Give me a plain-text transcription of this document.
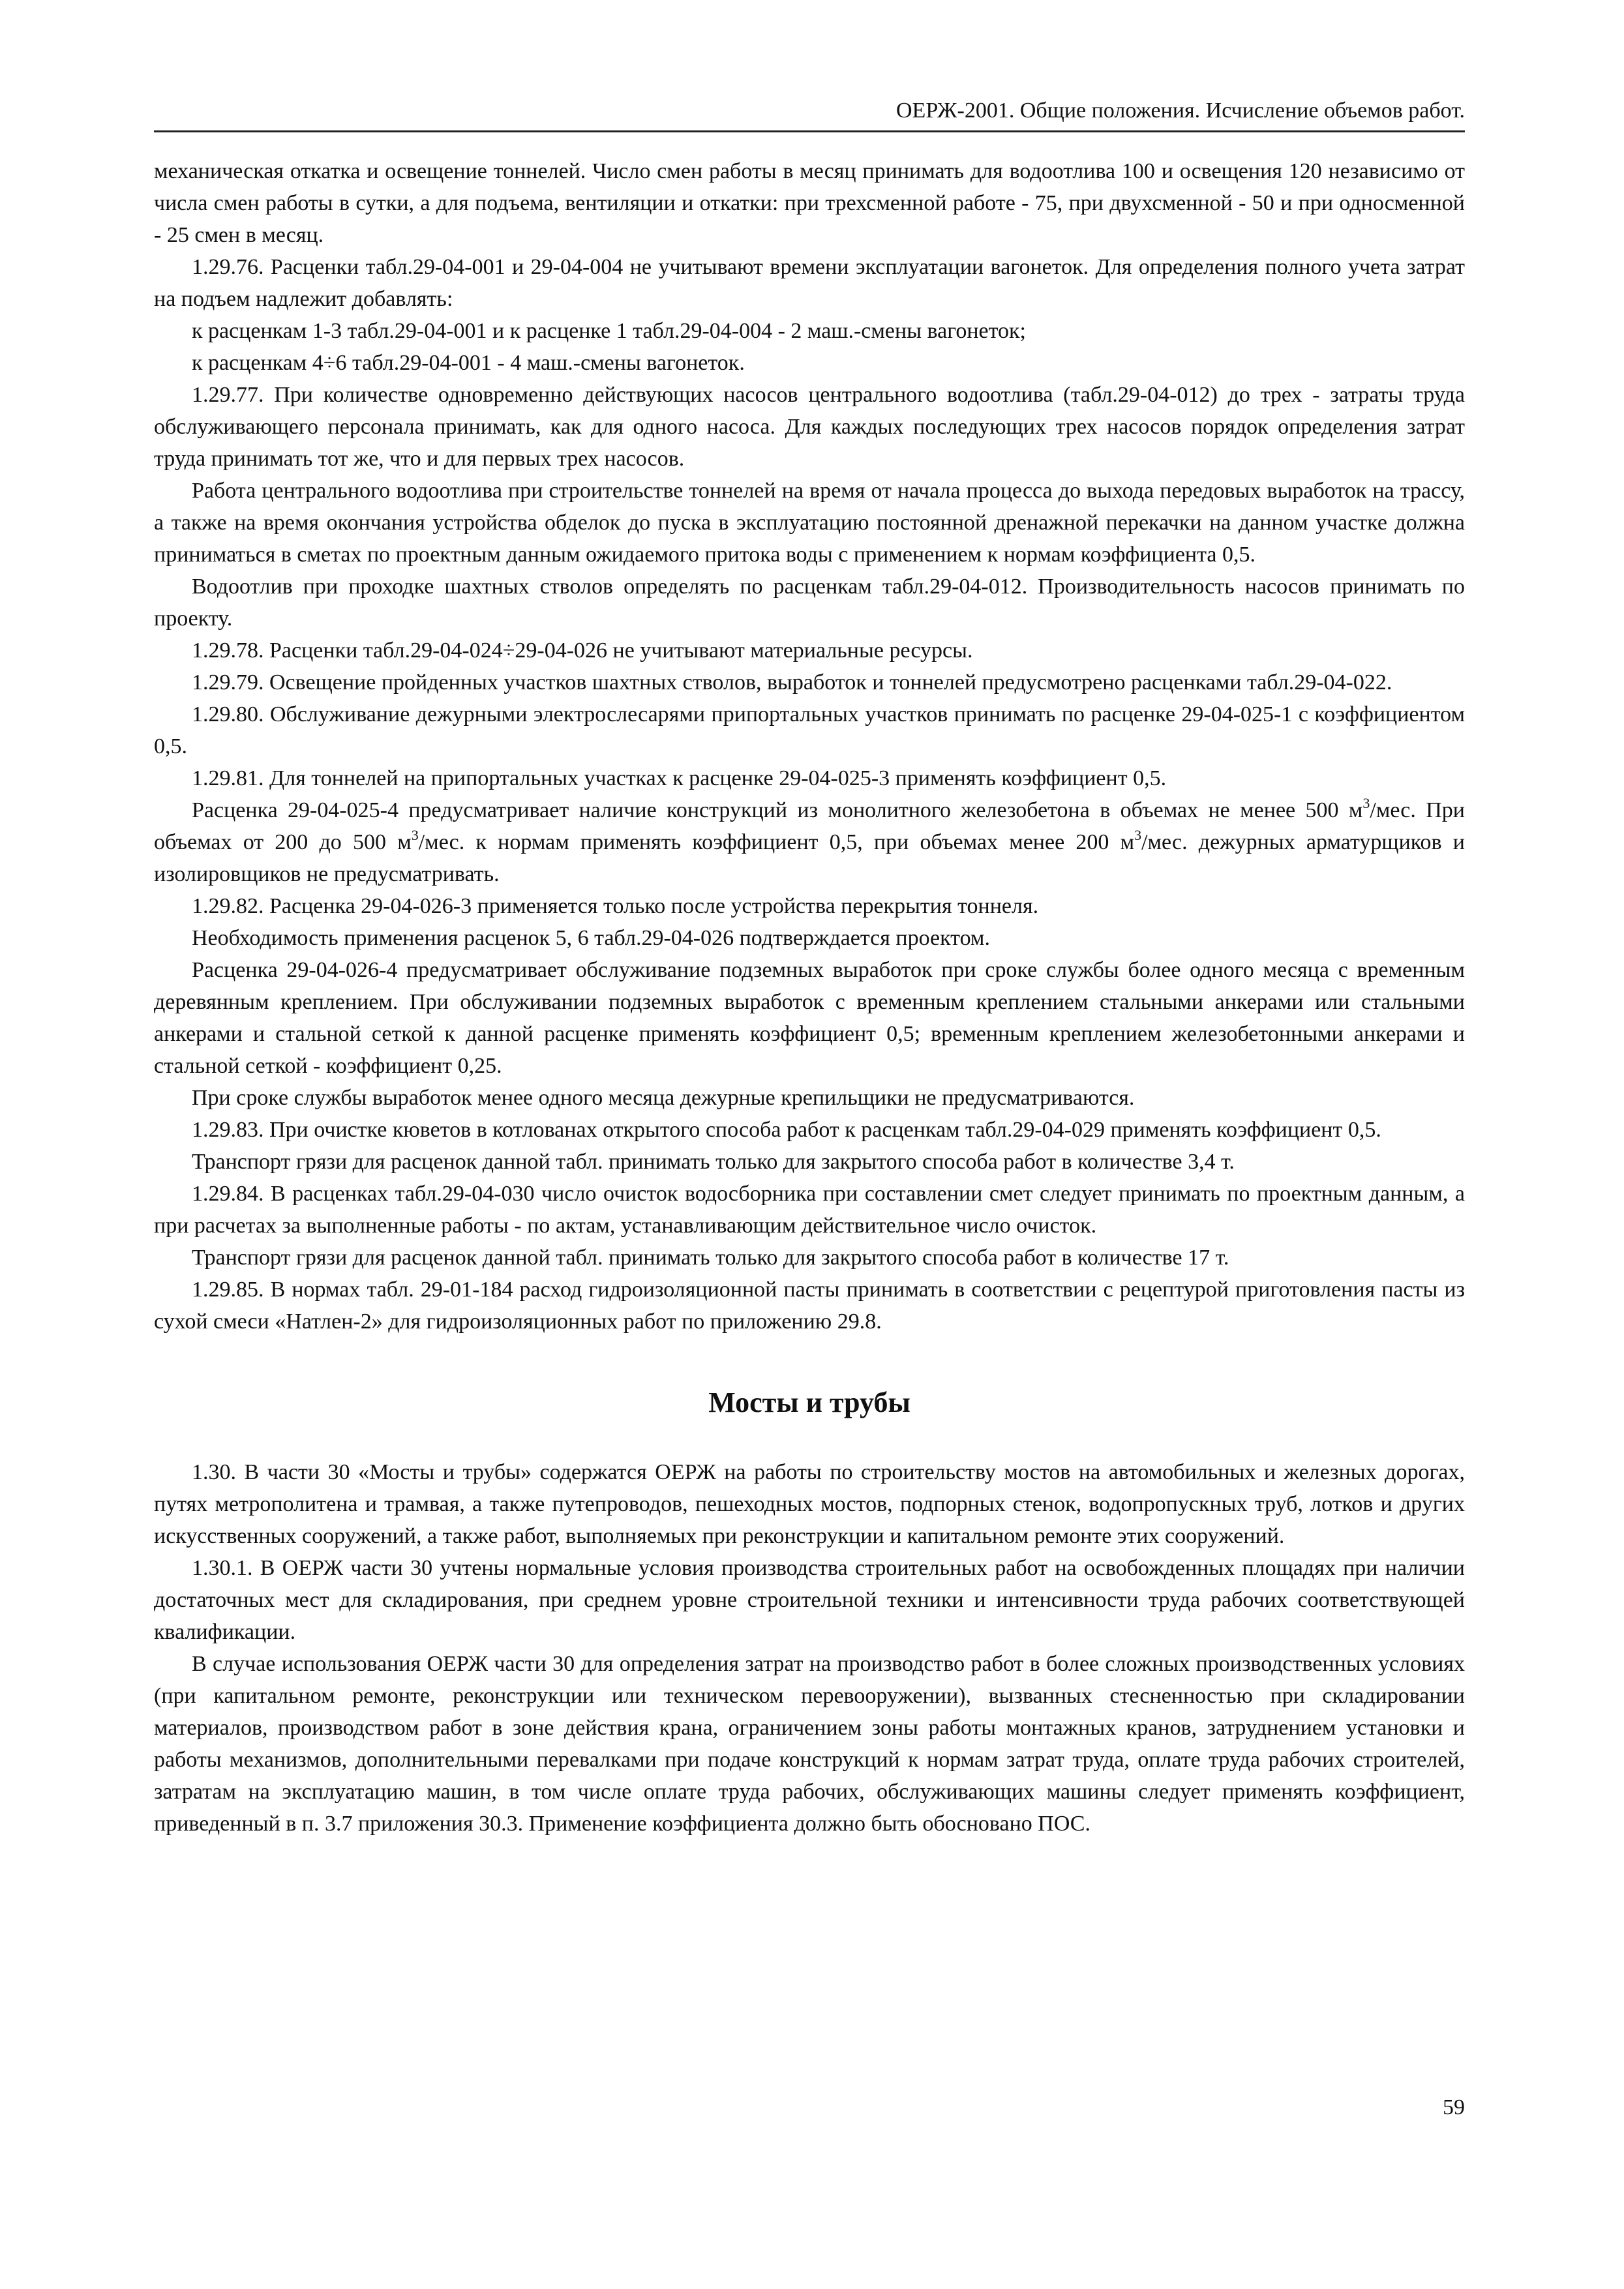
ОЕРЖ-2001. Общие положения. Исчисление объемов работ.

механическая откатка и освещение тоннелей. Число смен работы в месяц принимать для водоотлива 100 и освещения 120 независимо от числа смен работы в сутки, а для подъема, вентиляции и откатки: при трехсменной работе - 75, при двухсменной - 50 и при односменной - 25 смен в месяц.

1.29.76. Расценки табл.29-04-001 и 29-04-004 не учитывают времени эксплуатации вагонеток. Для определения полного учета затрат на подъем надлежит добавлять:

к расценкам 1-3 табл.29-04-001 и к расценке 1 табл.29-04-004 - 2 маш.-смены вагонеток;

к расценкам 4÷6 табл.29-04-001 - 4 маш.-смены вагонеток.

1.29.77. При количестве одновременно действующих насосов центрального водоотлива (табл.29-04-012) до трех - затраты труда обслуживающего персонала принимать, как для одного насоса. Для каждых последующих трех насосов порядок определения затрат труда принимать тот же, что и для первых трех насосов.

Работа центрального водоотлива при строительстве тоннелей на время от начала процесса до выхода передовых выработок на трассу, а также на время окончания устройства обделок до пуска в эксплуатацию постоянной дренажной перекачки на данном участке должна приниматься в сметах по проектным данным ожидаемого притока воды с применением к нормам коэффициента 0,5.

Водоотлив при проходке шахтных стволов определять по расценкам табл.29-04-012. Производительность насосов принимать по проекту.

1.29.78. Расценки табл.29-04-024÷29-04-026 не учитывают материальные ресурсы.

1.29.79. Освещение пройденных участков шахтных стволов, выработок и тоннелей предусмотрено расценками табл.29-04-022.

1.29.80. Обслуживание дежурными электрослесарями припортальных участков принимать по расценке 29-04-025-1 с коэффициентом 0,5.

1.29.81. Для тоннелей на припортальных участках к расценке 29-04-025-3 применять коэффициент 0,5.

Расценка 29-04-025-4 предусматривает наличие конструкций из монолитного железобетона в объемах не менее 500 $м^3$/мес. При объемах от 200 до 500 $м^3$/мес. к нормам применять коэффициент 0,5, при объемах менее 200 $м^3$/мес. дежурных арматурщиков и изолировщиков не предусматривать.

1.29.82. Расценка 29-04-026-3 применяется только после устройства перекрытия тоннеля.

Необходимость применения расценок 5, 6 табл.29-04-026 подтверждается проектом.

Расценка 29-04-026-4 предусматривает обслуживание подземных выработок при сроке службы более одного месяца с временным деревянным креплением. При обслуживании подземных выработок с временным креплением стальными анкерами или стальными анкерами и стальной сеткой к данной расценке применять коэффициент 0,5; временным креплением железобетонными анкерами и стальной сеткой - коэффициент 0,25.

При сроке службы выработок менее одного месяца дежурные крепильщики не предусматриваются.

1.29.83. При очистке кюветов в котлованах открытого способа работ к расценкам табл.29-04-029 применять коэффициент 0,5.

Транспорт грязи для расценок данной табл. принимать только для закрытого способа работ в количестве 3,4 т.

1.29.84. В расценках табл.29-04-030 число очисток водосборника при составлении смет следует принимать по проектным данным, а при расчетах за выполненные работы - по актам, устанавливающим действительное число очисток.

Транспорт грязи для расценок данной табл. принимать только для закрытого способа работ в количестве 17 т.

1.29.85. В нормах табл. 29-01-184 расход гидроизоляционной пасты принимать в соответствии с рецептурой приготовления пасты из сухой смеси «Натлен-2» для гидроизоляционных работ по приложению 29.8.

Мосты и трубы

1.30. В части 30 «Мосты и трубы» содержатся ОЕРЖ на работы по строительству мостов на автомобильных и железных дорогах, путях метрополитена и трамвая, а также путепроводов, пешеходных мостов, подпорных стенок, водопропускных труб, лотков и других искусственных сооружений, а также работ, выполняемых при реконструкции и капитальном ремонте этих сооружений.

1.30.1. В ОЕРЖ части 30 учтены нормальные условия производства строительных работ на освобожденных площадях при наличии достаточных мест для складирования, при среднем уровне строительной техники и интенсивности труда рабочих соответствующей квалификации.

В случае использования ОЕРЖ части 30 для определения затрат на производство работ в более сложных производственных условиях (при капитальном ремонте, реконструкции или техническом перевооружении), вызванных стесненностью при складировании материалов, производством работ в зоне действия крана, ограничением зоны работы монтажных кранов, затруднением установки и работы механизмов, дополнительными перевалками при подаче конструкций к нормам затрат труда, оплате труда рабочих строителей, затратам на эксплуатацию машин, в том числе оплате труда рабочих, обслуживающих машины следует применять коэффициент, приведенный в п. 3.7 приложения 30.3. Применение коэффициента должно быть обосновано ПОС.

59
